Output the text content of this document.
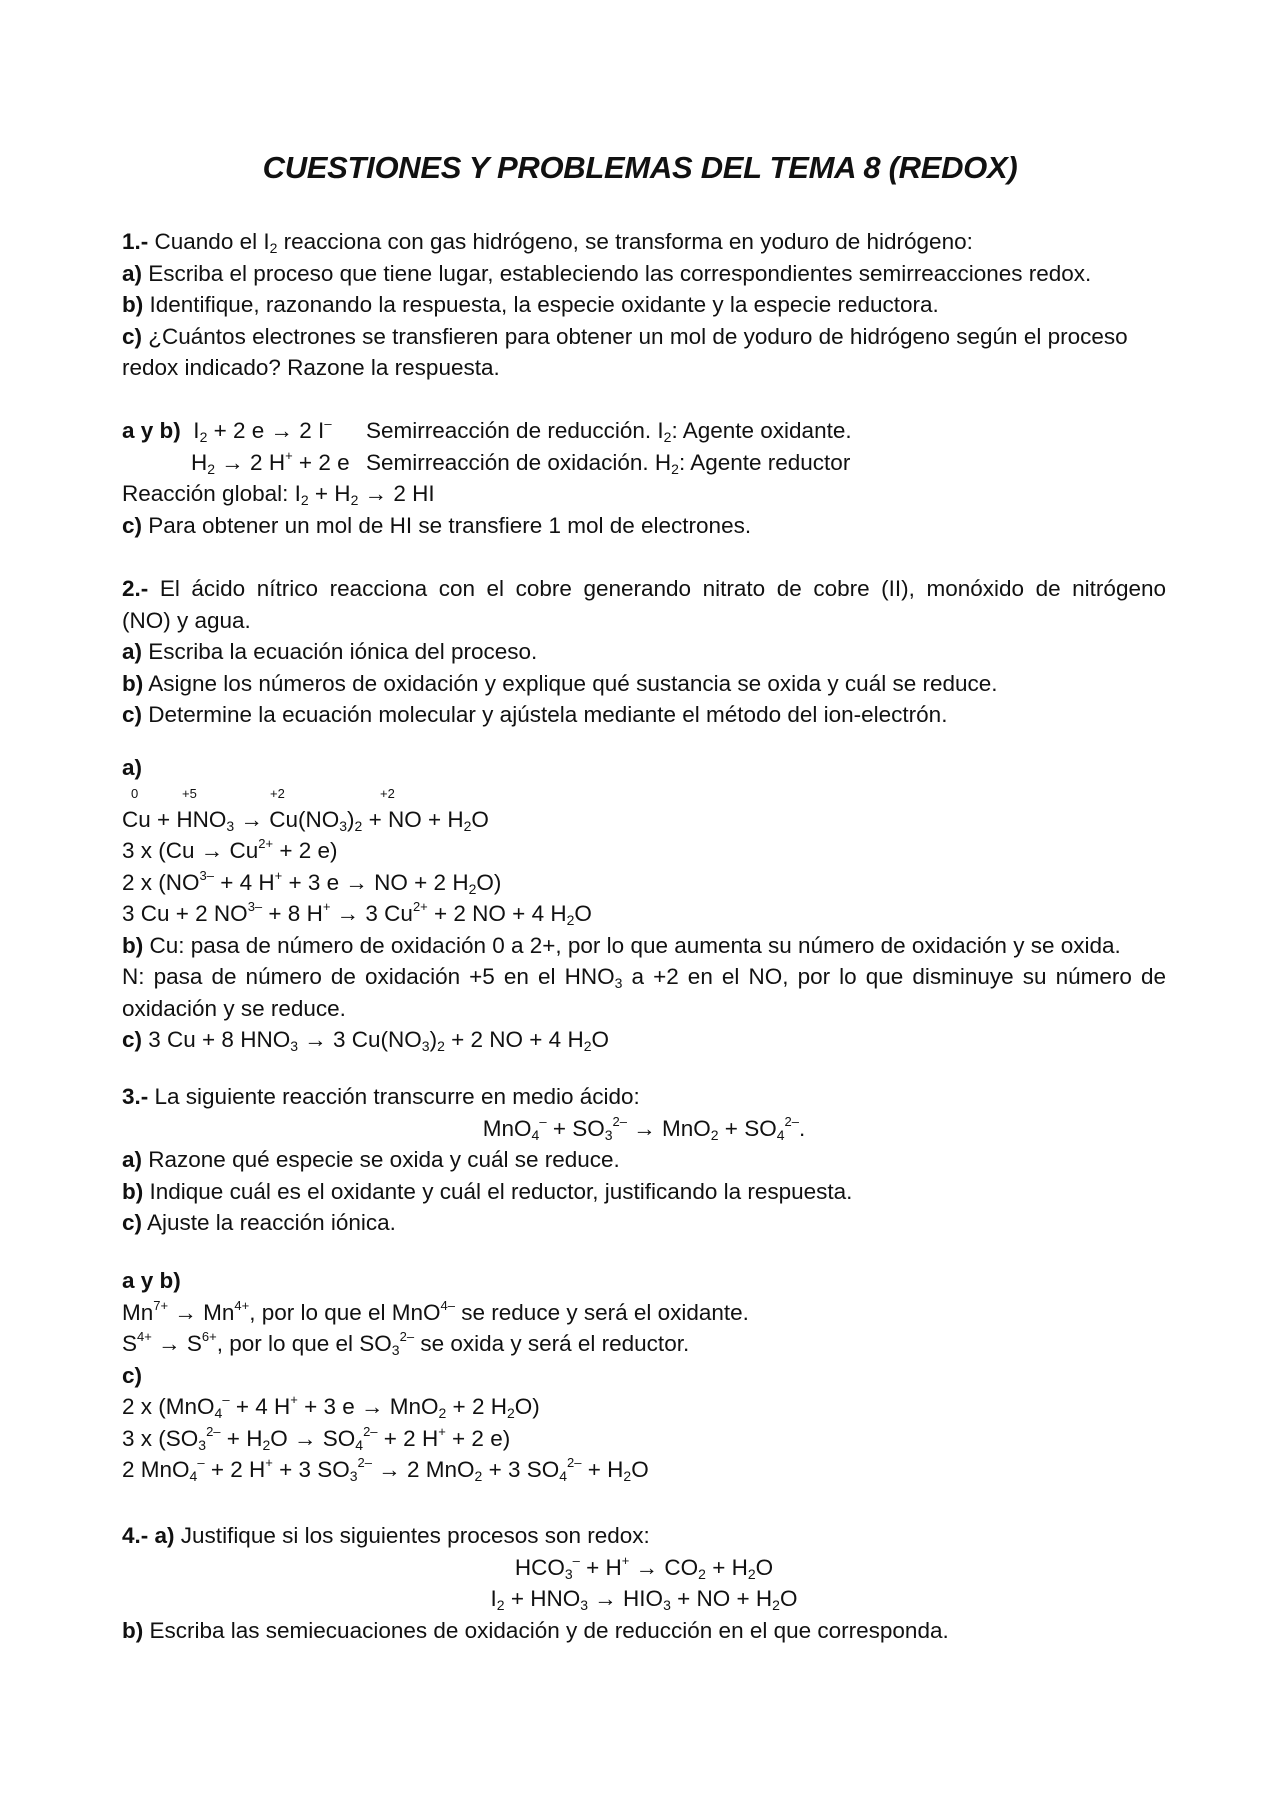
CUESTIONES Y PROBLEMAS DEL TEMA 8 (REDOX)
1.- Cuando el $I_2$ reacciona con gas hidrógeno, se transforma en yoduro de hidrógeno:
a) Escriba el proceso que tiene lugar, estableciendo las correspondientes semirreacciones redox.
b) Identifique, razonando la respuesta, la especie oxidante y la especie reductora.
c) ¿Cuántos electrones se transfieren para obtener un mol de yoduro de hidrógeno según el proceso
redox indicado? Razone la respuesta.
a y b) $I_2 + 2$ e → 2 I– Semirreacción de reducción. $I_2$: Agente oxidante.
$H_2 \to 2$ H+ + 2 e Semirreacción de oxidación. $H_2$: Agente reductor
Reacción global: $I_2 + H_2 \to 2$ HI
c) Para obtener un mol de HI se transfiere 1 mol de electrones.
2.- El ácido nítrico reacciona con el cobre generando nitrato de cobre (II), monóxido de nitrógeno
(NO) y agua.
a) Escriba la ecuación iónica del proceso.
b) Asigne los números de oxidación y explique qué sustancia se oxida y cuál se reduce.
c) Determine la ecuación molecular y ajústela mediante el método del ion-electrón.
a)
0	+5	+2	+2
$Cu + HNO_3 \to Cu(NO_3)_2$ + NO + $H_2O$
3 x ($Cu \to Cu^{2+} + 2$ e)
2 x ($NO^{3-} + 4$ H+ + 3 e → NO + 2 $H_2O$)
3 Cu + 2 $NO^{3-} + 8$ H+ → 3 $Cu^{2+} + 2$ NO + 4 $H_2O$
b) Cu: pasa de número de oxidación 0 a 2+, por lo que aumenta su número de oxidación y se oxida.
N: pasa de número de oxidación +5 en el $HNO_3$ a +2 en el NO, por lo que disminuye su número de
oxidación y se reduce.
c) 3 Cu + 8 $HNO_3 \to 3$ $Cu(NO_3)_2 + 2$ NO + 4 $H_2O$
3.- La siguiente reacción transcurre en medio ácido:
$MnO_4^- + SO_3^{2-} \to MnO_2 + SO_4^{2-}$.
a) Razone qué especie se oxida y cuál se reduce.
b) Indique cuál es el oxidante y cuál el reductor, justificando la respuesta.
c) Ajuste la reacción iónica.
a y b)
$Mn^{7+} \to Mn^{4+}$, por lo que el MnO$^{4-}$ se reduce y será el oxidante.
$S^{4+} \to S^{6+}$, por lo que el $SO_3^{2-}$ se oxida y será el reductor.
c)
2 x (MnO$_4$– + 4 H+ + 3 e → MnO$_2$ + 2 $H_2O$)
3 x ($SO_3^{2-} + H_2O \to SO_4^{2-} + 2$ H+ + 2 e)
2 MnO$_4$– + 2 H+ + 3 $SO_3^{2-} \to 2$ MnO$_2$ + 3 $SO_4^{2-} + H_2O$
4.- a) Justifique si los siguientes procesos son redox:
$HCO_3^- + H^+ \to CO_2 + H_2O$
$I_2 + HNO_3 \to HIO_3$ + NO + $H_2O$
b) Escriba las semiecuaciones de oxidación y de reducción en el que corresponda.
